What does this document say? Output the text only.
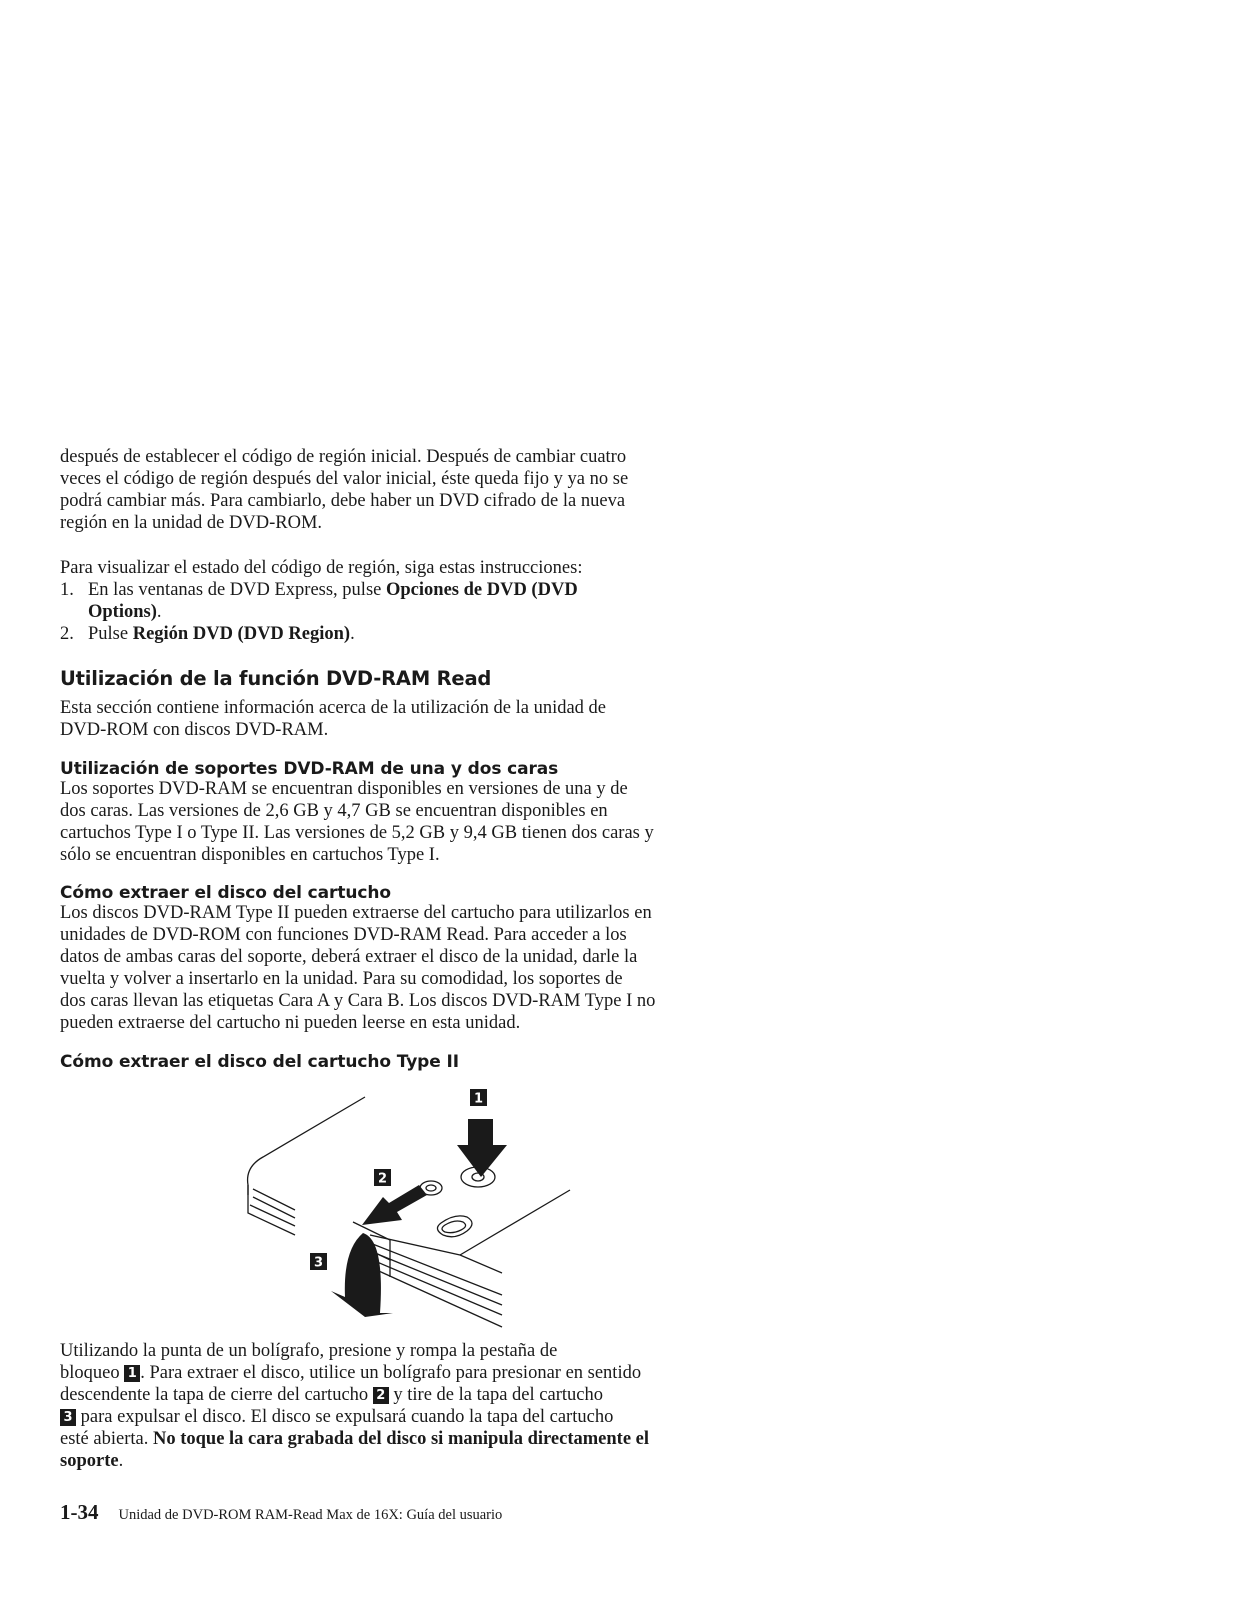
después de establecer el código de región inicial. Después de cambiar cuatro
veces el código de región después del valor inicial, éste queda fijo y ya no se
podrá cambiar más. Para cambiarlo, debe haber un DVD cifrado de la nueva
región en la unidad de DVD-ROM.

Para visualizar el estado del código de región, siga estas instrucciones:

1. En las ventanas de DVD Express, pulse Opciones de DVD (DVD
Options).
2. Pulse Región DVD (DVD Region).
Utilización de la función DVD-RAM Read

Esta sección contiene información acerca de la utilización de la unidad de
DVD-ROM con discos DVD-RAM.

Utilización de soportes DVD-RAM de una y dos caras

Los soportes DVD-RAM se encuentran disponibles en versiones de una y de
dos caras. Las versiones de 2,6 GB y 4,7 GB se encuentran disponibles en
cartuchos Type I o Type II. Las versiones de 5,2 GB y 9,4 GB tienen dos caras y
sólo se encuentran disponibles en cartuchos Type I.

Cómo extraer el disco del cartucho

Los discos DVD-RAM Type II pueden extraerse del cartucho para utilizarlos en
unidades de DVD-ROM con funciones DVD-RAM Read. Para acceder a los
datos de ambas caras del soporte, deberá extraer el disco de la unidad, darle la
vuelta y volver a insertarlo en la unidad. Para su comodidad, los soportes de
dos caras llevan las etiquetas Cara A y Cara B. Los discos DVD-RAM Type I no
pueden extraerse del cartucho ni pueden leerse en esta unidad.

Cómo extraer el disco del cartucho Type II
1
2
3

Utilizando la punta de un bolígrafo, presione y rompa la pestaña de
bloqueo 1 . Para extraer el disco, utilice un bolígrafo para presionar en sentido
descendente la tapa de cierre del cartucho 2 y tire de la tapa del cartucho
3 para expulsar el disco. El disco se expulsará cuando la tapa del cartucho
esté abierta. No toque la cara grabada del disco si manipula directamente el
soporte.

1-34 Unidad de DVD-ROM RAM-Read Max de 16X: Guía del usuario
